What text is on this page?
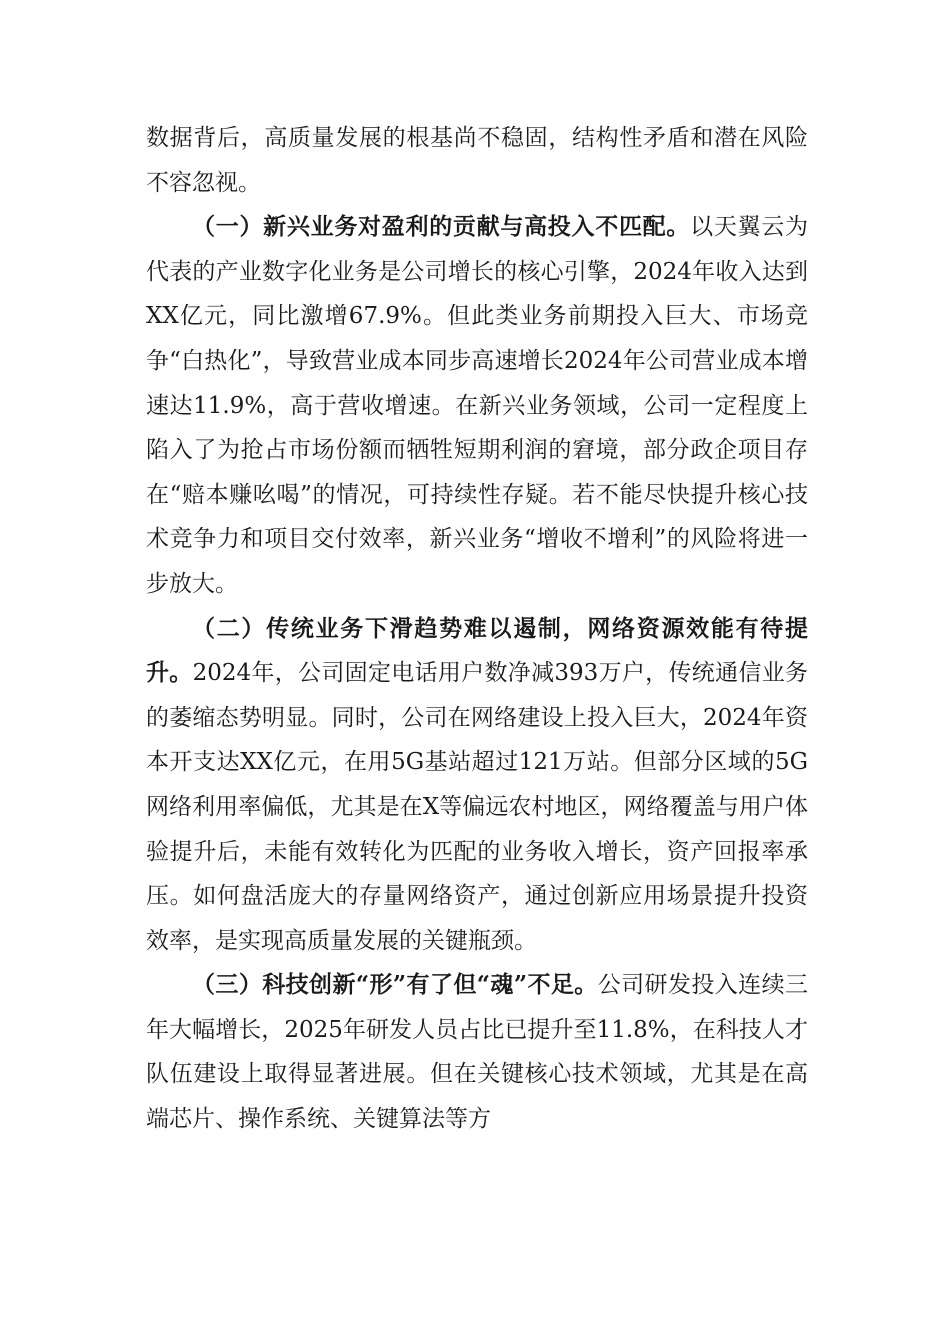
数据背后，高质量发展的根基尚不稳固，结构性矛盾和潜在风险不容忽视。

（一）新兴业务对盈利的贡献与高投入不匹配。以天翼云为代表的产业数字化业务是公司增长的核心引擎，2024年收入达到XX亿元，同比激增67.9%。但此类业务前期投入巨大、市场竞争“白热化”，导致营业成本同步高速增长2024年公司营业成本增速达11.9%，高于营收增速。在新兴业务领域，公司一定程度上陷入了为抢占市场份额而牺牲短期利润的窘境，部分政企项目存在“赔本赚吆喝”的情况，可持续性存疑。若不能尽快提升核心技术竞争力和项目交付效率，新兴业务“增收不增利”的风险将进一步放大。

（二）传统业务下滑趋势难以遏制，网络资源效能有待提升。2024年，公司固定电话用户数净减393万户，传统通信业务的萎缩态势明显。同时，公司在网络建设上投入巨大，2024年资本开支达XX亿元，在用5G基站超过121万站。但部分区域的5G网络利用率偏低，尤其是在X等偏远农村地区，网络覆盖与用户体验提升后，未能有效转化为匹配的业务收入增长，资产回报率承压。如何盘活庞大的存量网络资产，通过创新应用场景提升投资效率，是实现高质量发展的关键瓶颈。

（三）科技创新“形”有了但“魂”不足。公司研发投入连续三年大幅增长，2025年研发人员占比已提升至11.8%，在科技人才队伍建设上取得显著进展。但在关键核心技术领域，尤其是在高端芯片、操作系统、关键算法等方
